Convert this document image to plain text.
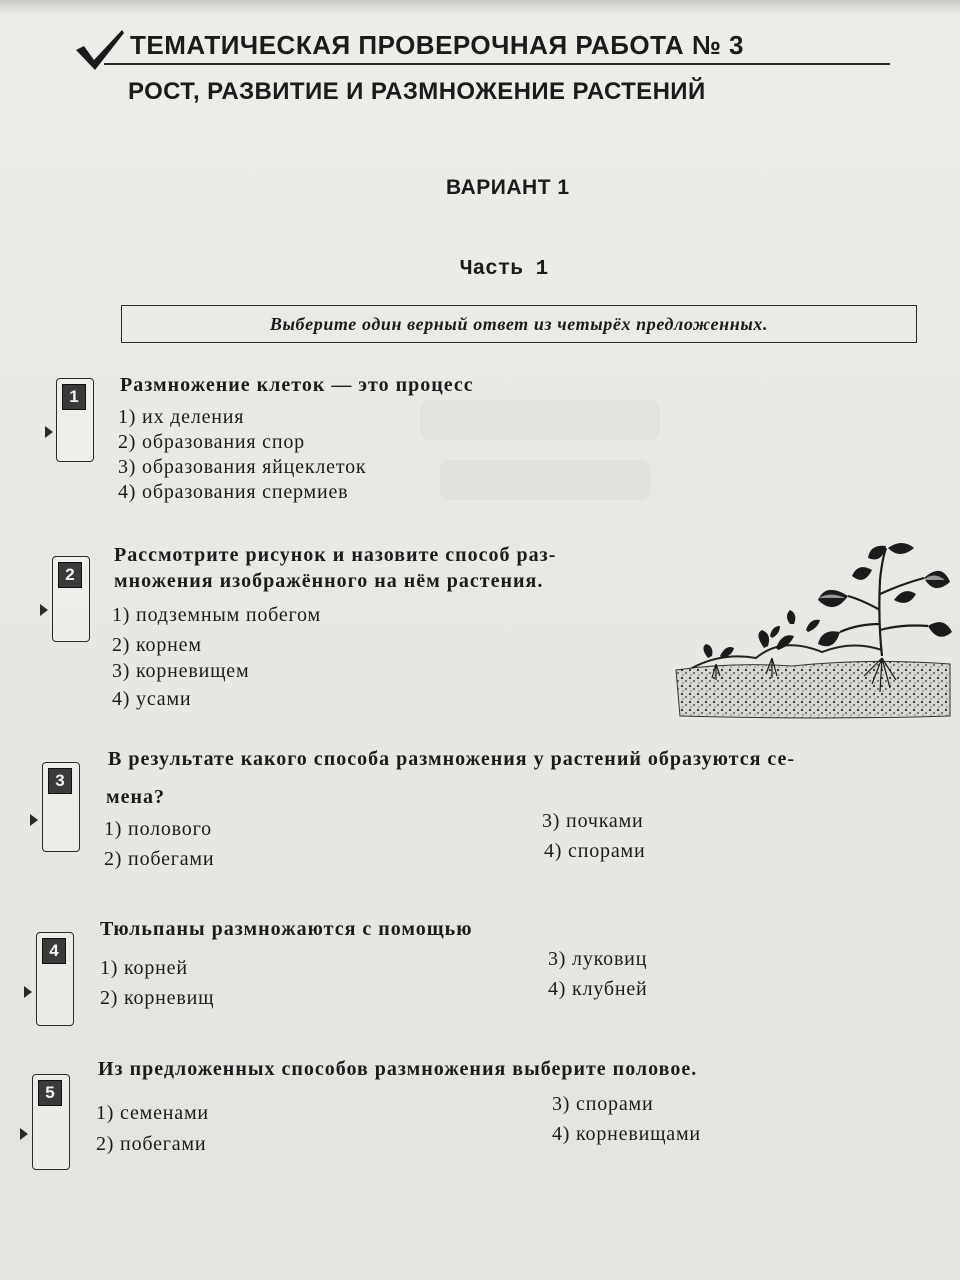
ТЕМАТИЧЕСКАЯ ПРОВЕРОЧНАЯ РАБОТА № 3
РОСТ, РАЗВИТИЕ И РАЗМНОЖЕНИЕ РАСТЕНИЙ
ВАРИАНТ 1
Часть 1
Выберите один верный ответ из четырёх предложенных.
1
Размножение клеток — это процесс
1) их деления
2) образования спор
3) образования яйцеклеток
4) образования спермиев
2
Рассмотрите рисунок и назовите способ раз-
множения изображённого на нём растения.
1) подземным побегом
2) корнем
3) корневищем
4) усами
3
В результате какого способа размножения у растений образуются се-
мена?
1) полового
2) побегами
3) почками
4) спорами
4
Тюльпаны размножаются с помощью
1) корней
2) корневищ
3) луковиц
4) клубней
5
Из предложенных способов размножения выберите половое.
1) семенами
2) побегами
3) спорами
4) корневищами
